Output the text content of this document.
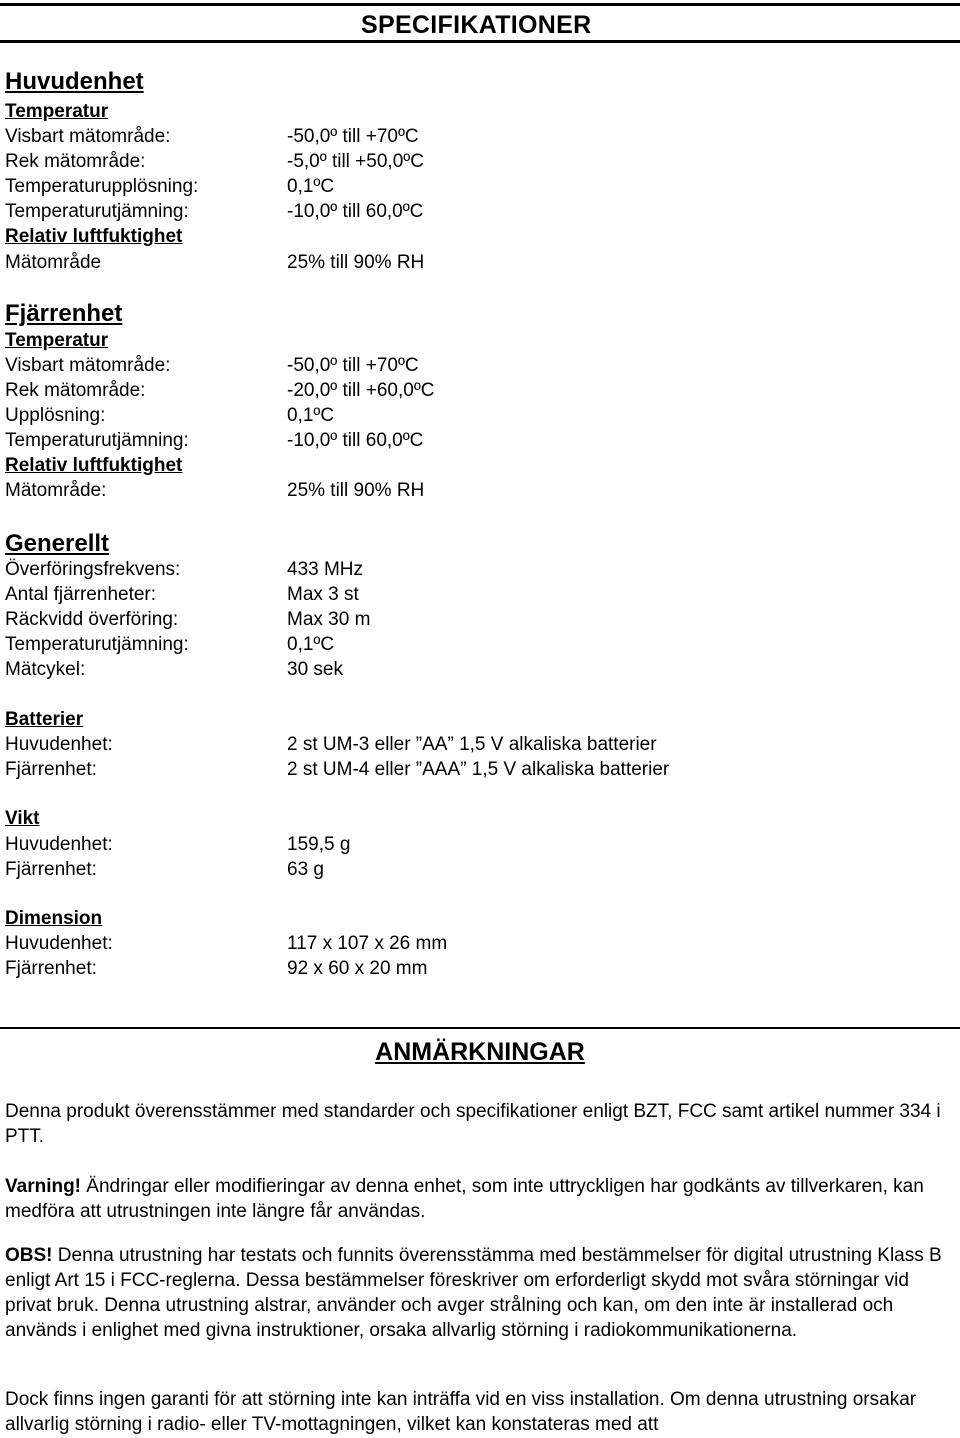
SPECIFIKATIONER
Huvudenhet
Temperatur
Visbart mätområde:	-50,0º till +70ºC
Rek mätområde:	-5,0º till +50,0ºC
Temperaturupplösning:	0,1ºC
Temperaturutjämning:	-10,0º till 60,0ºC
Relativ luftfuktighet
Mätområde	25% till 90% RH
Fjärrenhet
Temperatur
Visbart mätområde:	-50,0º till +70ºC
Rek mätområde:	-20,0º till +60,0ºC
Upplösning:	0,1ºC
Temperaturutjämning:	-10,0º till 60,0ºC
Relativ luftfuktighet
Mätområde:	25% till 90% RH
Generellt
Överföringsfrekvens:	433 MHz
Antal fjärrenheter:	Max 3 st
Räckvidd överföring:	Max 30 m
Temperaturutjämning:	0,1ºC
Mätcykel:	30 sek
Batterier
Huvudenhet:	2 st UM-3 eller ”AA” 1,5 V alkaliska batterier
Fjärrenhet:	2 st UM-4 eller ”AAA” 1,5 V alkaliska batterier
Vikt
Huvudenhet:	159,5 g
Fjärrenhet:	63 g
Dimension
Huvudenhet:	117 x 107 x 26 mm
Fjärrenhet:	92 x 60 x 20 mm
ANMÄRKNINGAR

Denna produkt överensstämmer med standarder och specifikationer enligt BZT, FCC samt artikel nummer 334 i PTT.

Varning! Ändringar eller modifieringar av denna enhet, som inte uttryckligen har godkänts av tillverkaren, kan medföra att utrustningen inte längre får användas.

OBS! Denna utrustning har testats och funnits överensstämma med bestämmelser för digital utrustning Klass B enligt Art 15 i FCC-reglerna. Dessa bestämmelser föreskriver om erforderligt skydd mot svåra störningar vid privat bruk. Denna utrustning alstrar, använder och avger strålning och kan, om den inte är installerad och används i enlighet med givna instruktioner, orsaka allvarlig störning i radiokommunikationerna.

Dock finns ingen garanti för att störning inte kan inträffa vid en viss installation. Om denna utrustning orsakar allvarlig störning i radio- eller TV-mottagningen, vilket kan konstateras med att
